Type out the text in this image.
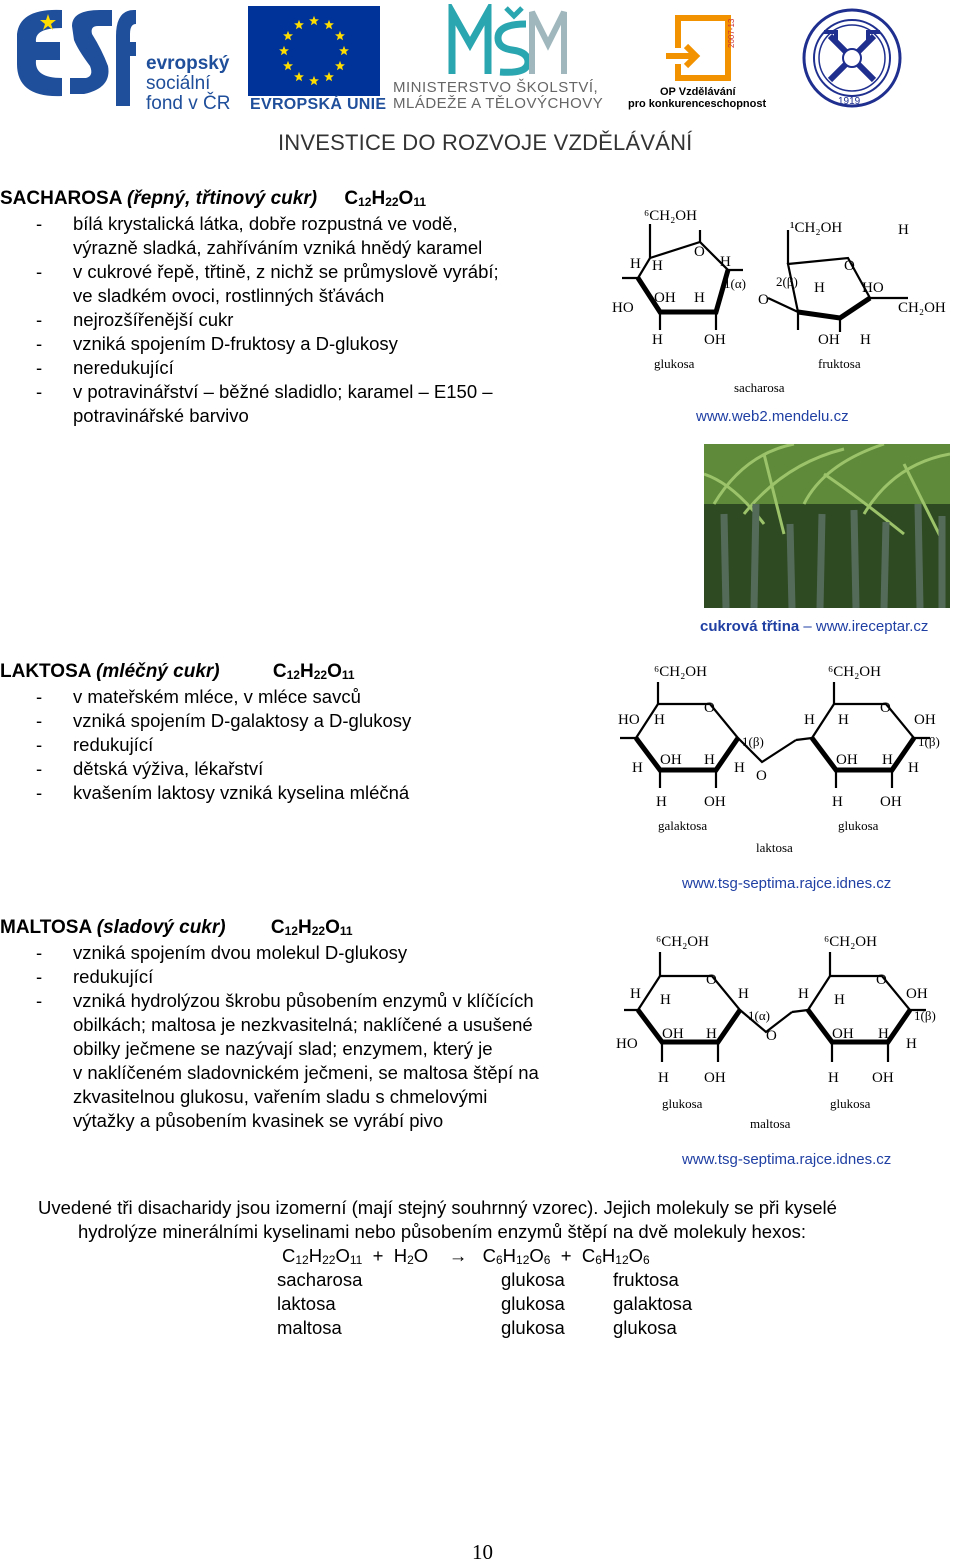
evropský
sociální
fond v ČR EVROPSKÁ UNIE
MINISTERSTVO ŠKOLSTVÍ,
MLÁDEŽE A TĚLOVÝCHOVY
2007-13
OP Vzdělávání
pro konkurenceschopnost	1919
INVESTICE DO ROZVOJE VZDĚLÁVÁNÍ
SACHAROSA (řepný, třtinový cukr) $C_{12}H_{22}O_{11}$
- bílá krystalická látka, dobře rozpustná ve vodě,
výrazně sladká, zahříváním vzniká hnědý karamel
- v cukrové řepě, třtině, z nichž se průmyslově vyrábí;
ve sladkém ovoci, rostlinných šťávách
- nejrozšířenější cukr
- vzniká spojením D-fruktosy a D-glukosy
- neredukující
- v potravinářství – běžné sladidlo; karamel – E150 –
potravinářské barvivo
⁶CH₂OH
¹CH₂OH	H
O
O
H H	H
HO
OH H	O
H HO
CH₂OH
H	OH	OH H
1(α) 2(β)
glukosa	fruktosa
sacharosa
www.web2.mendelu.cz
cukrová třtina – www.ireceptar.cz
LAKTOSA (mléčný cukr)	$C_{12}H_{22}O_{11}$
- v mateřském mléce, v mléce savců
- vzniká spojením D-galaktosy a D-glukosy
- redukující
- dětská výživa, lékařství
- kvašením laktosy vzniká kyselina mléčná
⁶CH₂OH	⁶CH₂OH
O	O
HO H	H H	OH
H OH H H O
OH H H
H OH	H OH
1(β)	1(β)
galaktosa	glukosa
laktosa
www.tsg-septima.rajce.idnes.cz
MALTOSA (sladový cukr) $C_{12}H_{22}O_{11}$
- vzniká spojením dvou molekul D-glukosy
- redukující
- vzniká hydrolýzou škrobu působením enzymů v klíčících
obilkách; maltosa je nezkvasitelná; naklíčené a usušené
obilky ječmene se nazývají slad; enzymem, který je
v naklíčeném sladovnickém ječmeni, se maltosa štěpí na
zkvasitelnou glukosu, vařením sladu s chmelovými
výtažky a působením kvasinek se vyrábí pivo
⁶CH₂OH	⁶CH₂OH
O	O
H H	H	H H	OH
HO
OH H	O	OH H
H
H OH	H OH
1(α)	1(β)
glukosa	glukosa
maltosa
www.tsg-septima.rajce.idnes.cz
Uvedené tři disacharidy jsou izomerní (mají stejný souhrnný vzorec). Jejich molekuly se při kyselé
hydrolýze minerálními kyselinami nebo působením enzymů štěpí na dvě molekuly hexos:
$C_{12}H_{22}O_{11} + H_2O$    →   $C_6H_{12}O_6 + C_6H_{12}O_6$
sacharosa	glukosa	fruktosa
laktosa	glukosa	galaktosa
maltosa	glukosa	glukosa
10
